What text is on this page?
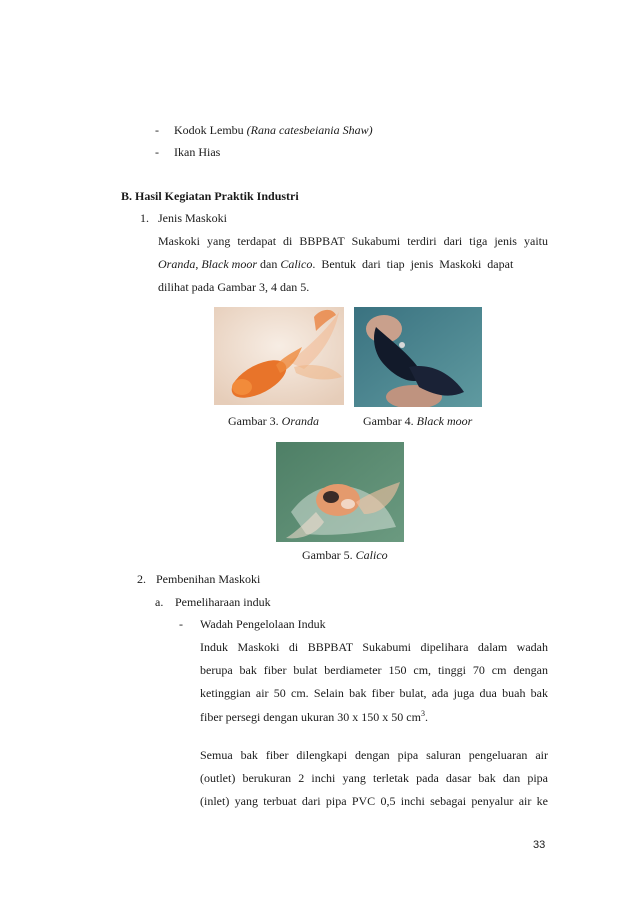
- Kodok Lembu (Rana catesbeiania Shaw)
- Ikan Hias
B. Hasil Kegiatan Praktik Industri
1. Jenis Maskoki
Maskoki yang terdapat di BBPBAT Sukabumi terdiri dari tiga jenis yaitu
Oranda, Black moor dan Calico. Bentuk dari tiap jenis Maskoki dapat
dilihat pada Gambar 3, 4 dan 5.
Gambar 3. Oranda	Gambar 4. Black moor
Gambar 5. Calico
2. Pembenihan Maskoki
a. Pemeliharaan induk
- Wadah Pengelolaan Induk
Induk Maskoki di BBPBAT Sukabumi dipelihara dalam wadah
berupa bak fiber bulat berdiameter 150 cm, tinggi 70 cm dengan
ketinggian air 50 cm. Selain bak fiber bulat, ada juga dua buah bak
fiber persegi dengan ukuran 30 x 150 x 50 $cm^3$.
Semua bak fiber dilengkapi dengan pipa saluran pengeluaran air
(outlet) berukuran 2 inchi yang terletak pada dasar bak dan pipa
(inlet) yang terbuat dari pipa PVC 0,5 inchi sebagai penyalur air ke
33
